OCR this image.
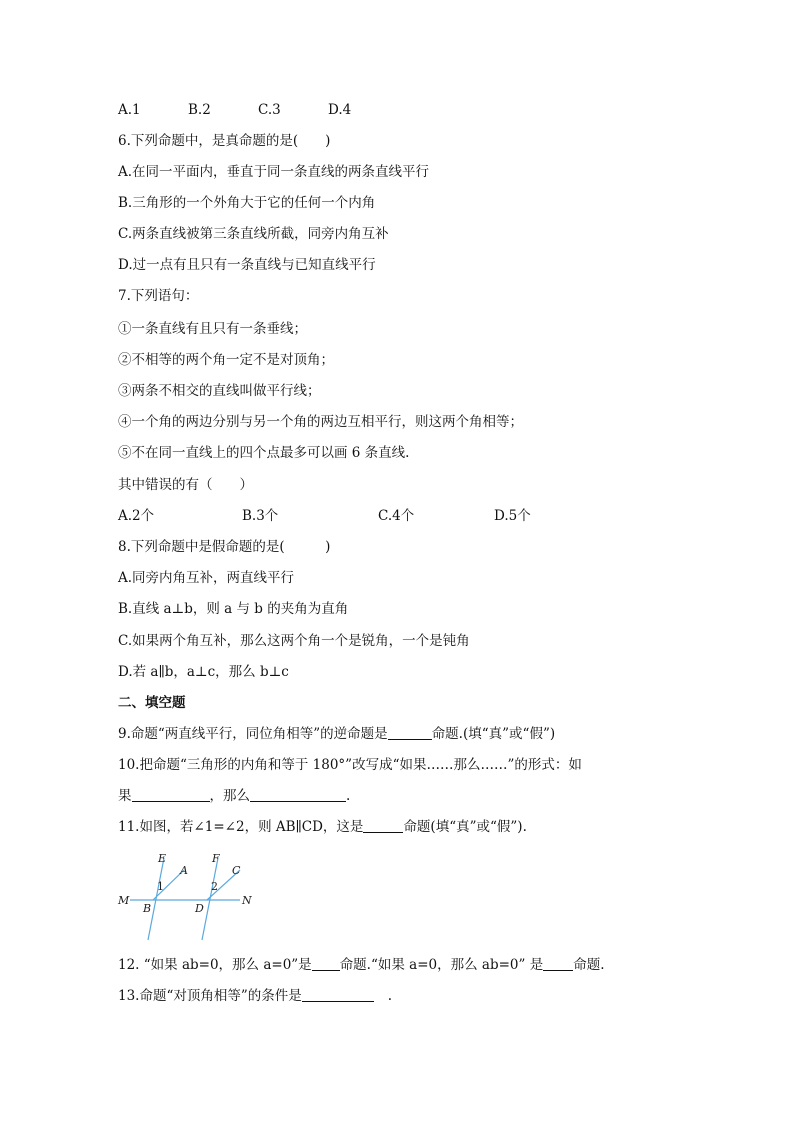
A.1	B.2	C.3	D.4
6.下列命题中，是真命题的是(　　)
A.在同一平面内，垂直于同一条直线的两条直线平行
B.三角形的一个外角大于它的任何一个内角
C.两条直线被第三条直线所截，同旁内角互补
D.过一点有且只有一条直线与已知直线平行
7.下列语句：
①一条直线有且只有一条垂线；
②不相等的两个角一定不是对顶角；
③两条不相交的直线叫做平行线；
④一个角的两边分别与另一个角的两边互相平行，则这两个角相等；
⑤不在同一直线上的四个点最多可以画 6 条直线.
其中错误的有（　　）
A.2个	B.3个	C.4个	D.5个
8.下列命题中是假命题的是(　　　)
A.同旁内角互补，两直线平行
B.直线 a⊥b，则 a 与 b 的夹角为直角
C.如果两个角互补，那么这两个角一个是锐角，一个是钝角
D.若 a∥b，a⊥c，那么 b⊥c
二、填空题
9.命题“两直线平行，同位角相等”的逆命题是	命题.(填“真”或“假”)
10.把命题“三角形的内角和等于 180°”改写成“如果……那么……”的形式：如
果	，那么	.
11.如图，若∠1=∠2，则 AB∥CD，这是	命题(填“真”或“假”).
E	F
A	C
1	2
M	N
B	D
12. “如果 ab=0，那么 a=0”是 命题.“如果 a=0，那么 ab=0” 是 命题.
13.命题“对顶角相等”的条件是	.
